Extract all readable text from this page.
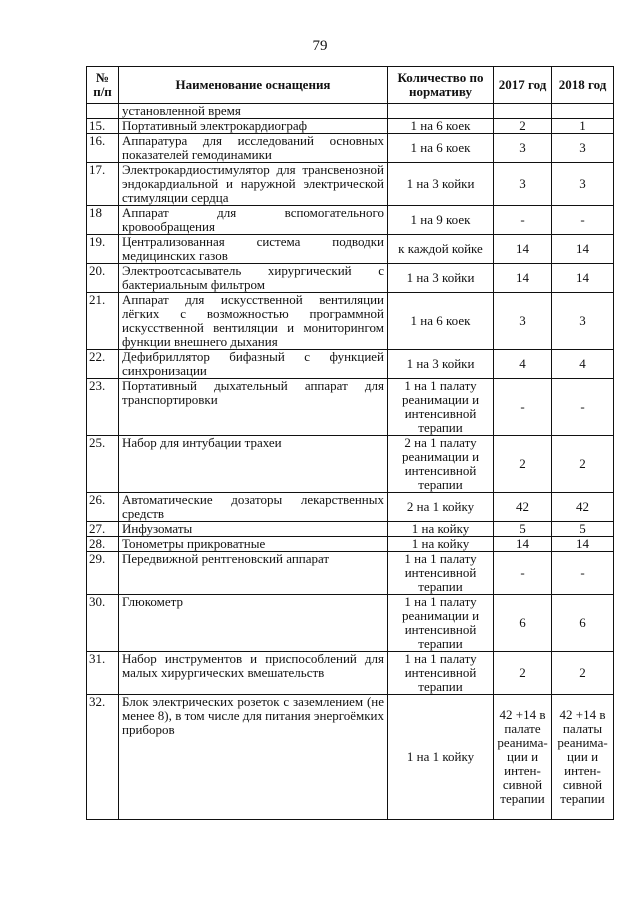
79
№ п/п	Наименование оснащения	Количество по нормативу	2017 год	2018 год
	установленной время			
15.	Портативный электрокардиограф	1 на 6 коек	2	1
16.	Аппаратура для исследований основных показателей гемодинамики	1 на 6 коек	3	3
17.	Электрокардиостимулятор для трансвенозной эндокардиальной и наружной электрической стимуляции сердца	1 на 3 койки	3	3
18	Аппарат для вспомогательного кровообращения	1 на 9 коек	-	-
19.	Централизованная система подводки медицинских газов	к каждой койке	14	14
20.	Электроотсасыватель хирургический с бактериальным фильтром	1 на 3 койки	14	14
21.	Аппарат для искусственной вентиляции лёгких с возможностью программной искусственной вентиляции и мониторингом функции внешнего дыхания	1 на 6 коек	3	3
22.	Дефибриллятор бифазный с функцией синхронизации	1 на 3 койки	4	4
23.	Портативный дыхательный аппарат для транспортировки	1 на 1 палату реанимации и интенсивной терапии	-	-
25.	Набор для интубации трахеи	2 на 1 палату реанимации и интенсивной терапии	2	2
26.	Автоматические дозаторы лекарственных средств	2 на 1 койку	42	42
27.	Инфузоматы	1 на койку	5	5
28.	Тонометры прикроватные	1 на койку	14	14
29.	Передвижной рентгеновский аппарат	1 на 1 палату интенсивной терапии	-	-
30.	Глюкометр	1 на 1 палату реанимации и интенсивной терапии	6	6
31.	Набор инструментов и приспособлений для малых хирургических вмешательств	1 на 1 палату интенсивной терапии	2	2
32.	Блок электрических розеток с заземлением (не менее 8), в том числе для питания энергоёмких приборов	1 на 1 койку	42 +14 в палате реанима-ции и интен-сивной терапии	42 +14 в палаты реанима-ции и интен-сивной терапии
